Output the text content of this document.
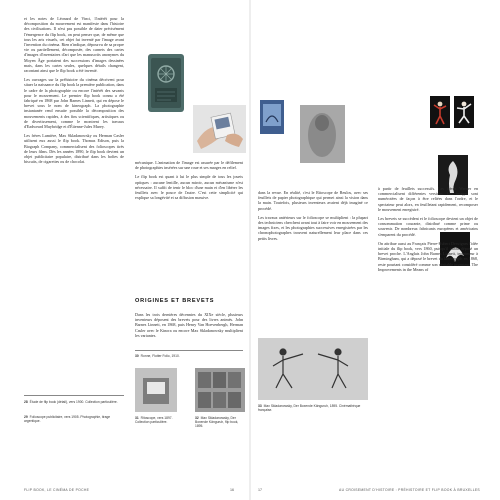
et les notes de Léonard de Vinci, l'intérêt pour la décomposition du mouvement est manifeste dans l'histoire des civilisations. Il n'est pas possible de dater précisément l'émergence du flip book, on peut penser que, de même que tous les arts visuels, cet objet fut inventé par l'image avant l'invention du cinéma. Rien n'indique, dépourvu de sa propre vie ou partiellement, décomposée, des carnets des cartes d'images d'inventaires d'art que les manuscrits anonymes du Moyen Âge portaient des successions d'images dessinées mais, dans les cartes seules, quelques détails changent, racontant ainsi que le flip book a été inventé.

Les ouvrages sur la préhistoire du cinéma décrivent pour situer la naissance du flip book la première publication, dans le cadre de la photographie ou encore l'intérêt des savants pour le mouvement. Le premier flip book connu a été fabriqué en 1868 par John Barnes Linnett, qui en dépose le brevet sous le nom de kineograph. La photographie instantanée rend ensuite possible la décomposition des mouvements rapides, à des fins scientifiques, artistiques ou de divertissement, comme le montrent les travaux d'Eadweard Muybridge et d'Étienne-Jules Marey.

Les frères Lumière, Max Skladanowsky ou Herman Casler utilisent eux aussi le flip book. Thomas Edison, puis la Biograph Company, commercialisent des folioscopes tirés de leurs films. Dès les années 1890, le flip book devient un objet publicitaire populaire, distribué dans les boîtes de biscuits, de cigarettes ou de chocolat.

28 Étude de flip book (détail), vers 1900. Collection particulière.
29 Folioscope publicitaire, vers 1905. Photographie, tirage argentique.

mécanique. L'animation de l'image est assurée par le défilement de photographies insérées sur une roue et ses marges en relief.

Le flip book est quant à lui le plus simple de tous les jouets optiques : aucune lentille, aucun miroir, aucun mécanisme n'est nécessaire. Il suffit de tenir le bloc d'une main et d'en libérer les feuillets avec le pouce de l'autre. C'est cette simplicité qui explique sa longévité et sa diffusion massive.

ORIGINES ET BREVETS

Dans les trois dernières décennies du XIXe siècle, plusieurs inventeurs déposent des brevets pour des livres animés. John Barnes Linnett, en 1868, puis Henry Van Hoevenbergh, Herman Casler avec le Kinora ou encore Max Skladanowsky multiplient les variantes.

30 Ronne, Flutter Folio, 1910.
31 Ritoscope, vers 1897. Collection particulière.
32 Max Skladanowsky, Der Boxende Känguruh, flip book, 1895.
FLIP BOOK, LE CINÉMA DE POCHE	16

dans la revue. En réalité, c'est le Ritoscope de Reulos, avec ses feuillets de papier photographique qui permet ainsi la vision dans la main. Toutefois, plusieurs inventeurs avaient déjà imaginé ce procédé.

Les travaux antérieurs sur le folioscope se multiplient : la plupart des techniciens cherchent avant tout à faire voir en mouvement des images fixes, et les photographies successives enregistrées par les chronophotographes trouvent naturellement leur place dans ces petits livres.

33 Max Skladanowsky, Der Boxende Känguruh, 1895. Cinémathèque française.

à partir de feuillets successifs. Les frères Werner en commercialisent différentes versions. Les images sont numérotées de façon à être reliées dans l'ordre, et le spectateur peut alors, en feuilletant rapidement, recomposer le mouvement enregistré.

Les brevets se succèdent et le folioscope devient un objet de consommation courante, distribué comme prime ou souvenir. De nombreux fabricants européens et américains s'emparent du procédé.

On attribue aussi au Français Pierre-Hubert Desvignes l'idée initiale du flip book, vers 1860, puisqu'il aurait déposé un brevet proche. L'Anglais John Barnes Linnett, imprimeur à Birmingham, qui a déposé le brevet du kineograph en 1868, reste pourtant considéré comme son véritable inventeur. The Improvements in the Means of

17	AU CROISEMENT D'HISTOIRE : PRÉHISTOIRE ET FLIP BOOK À BRUXELLES
